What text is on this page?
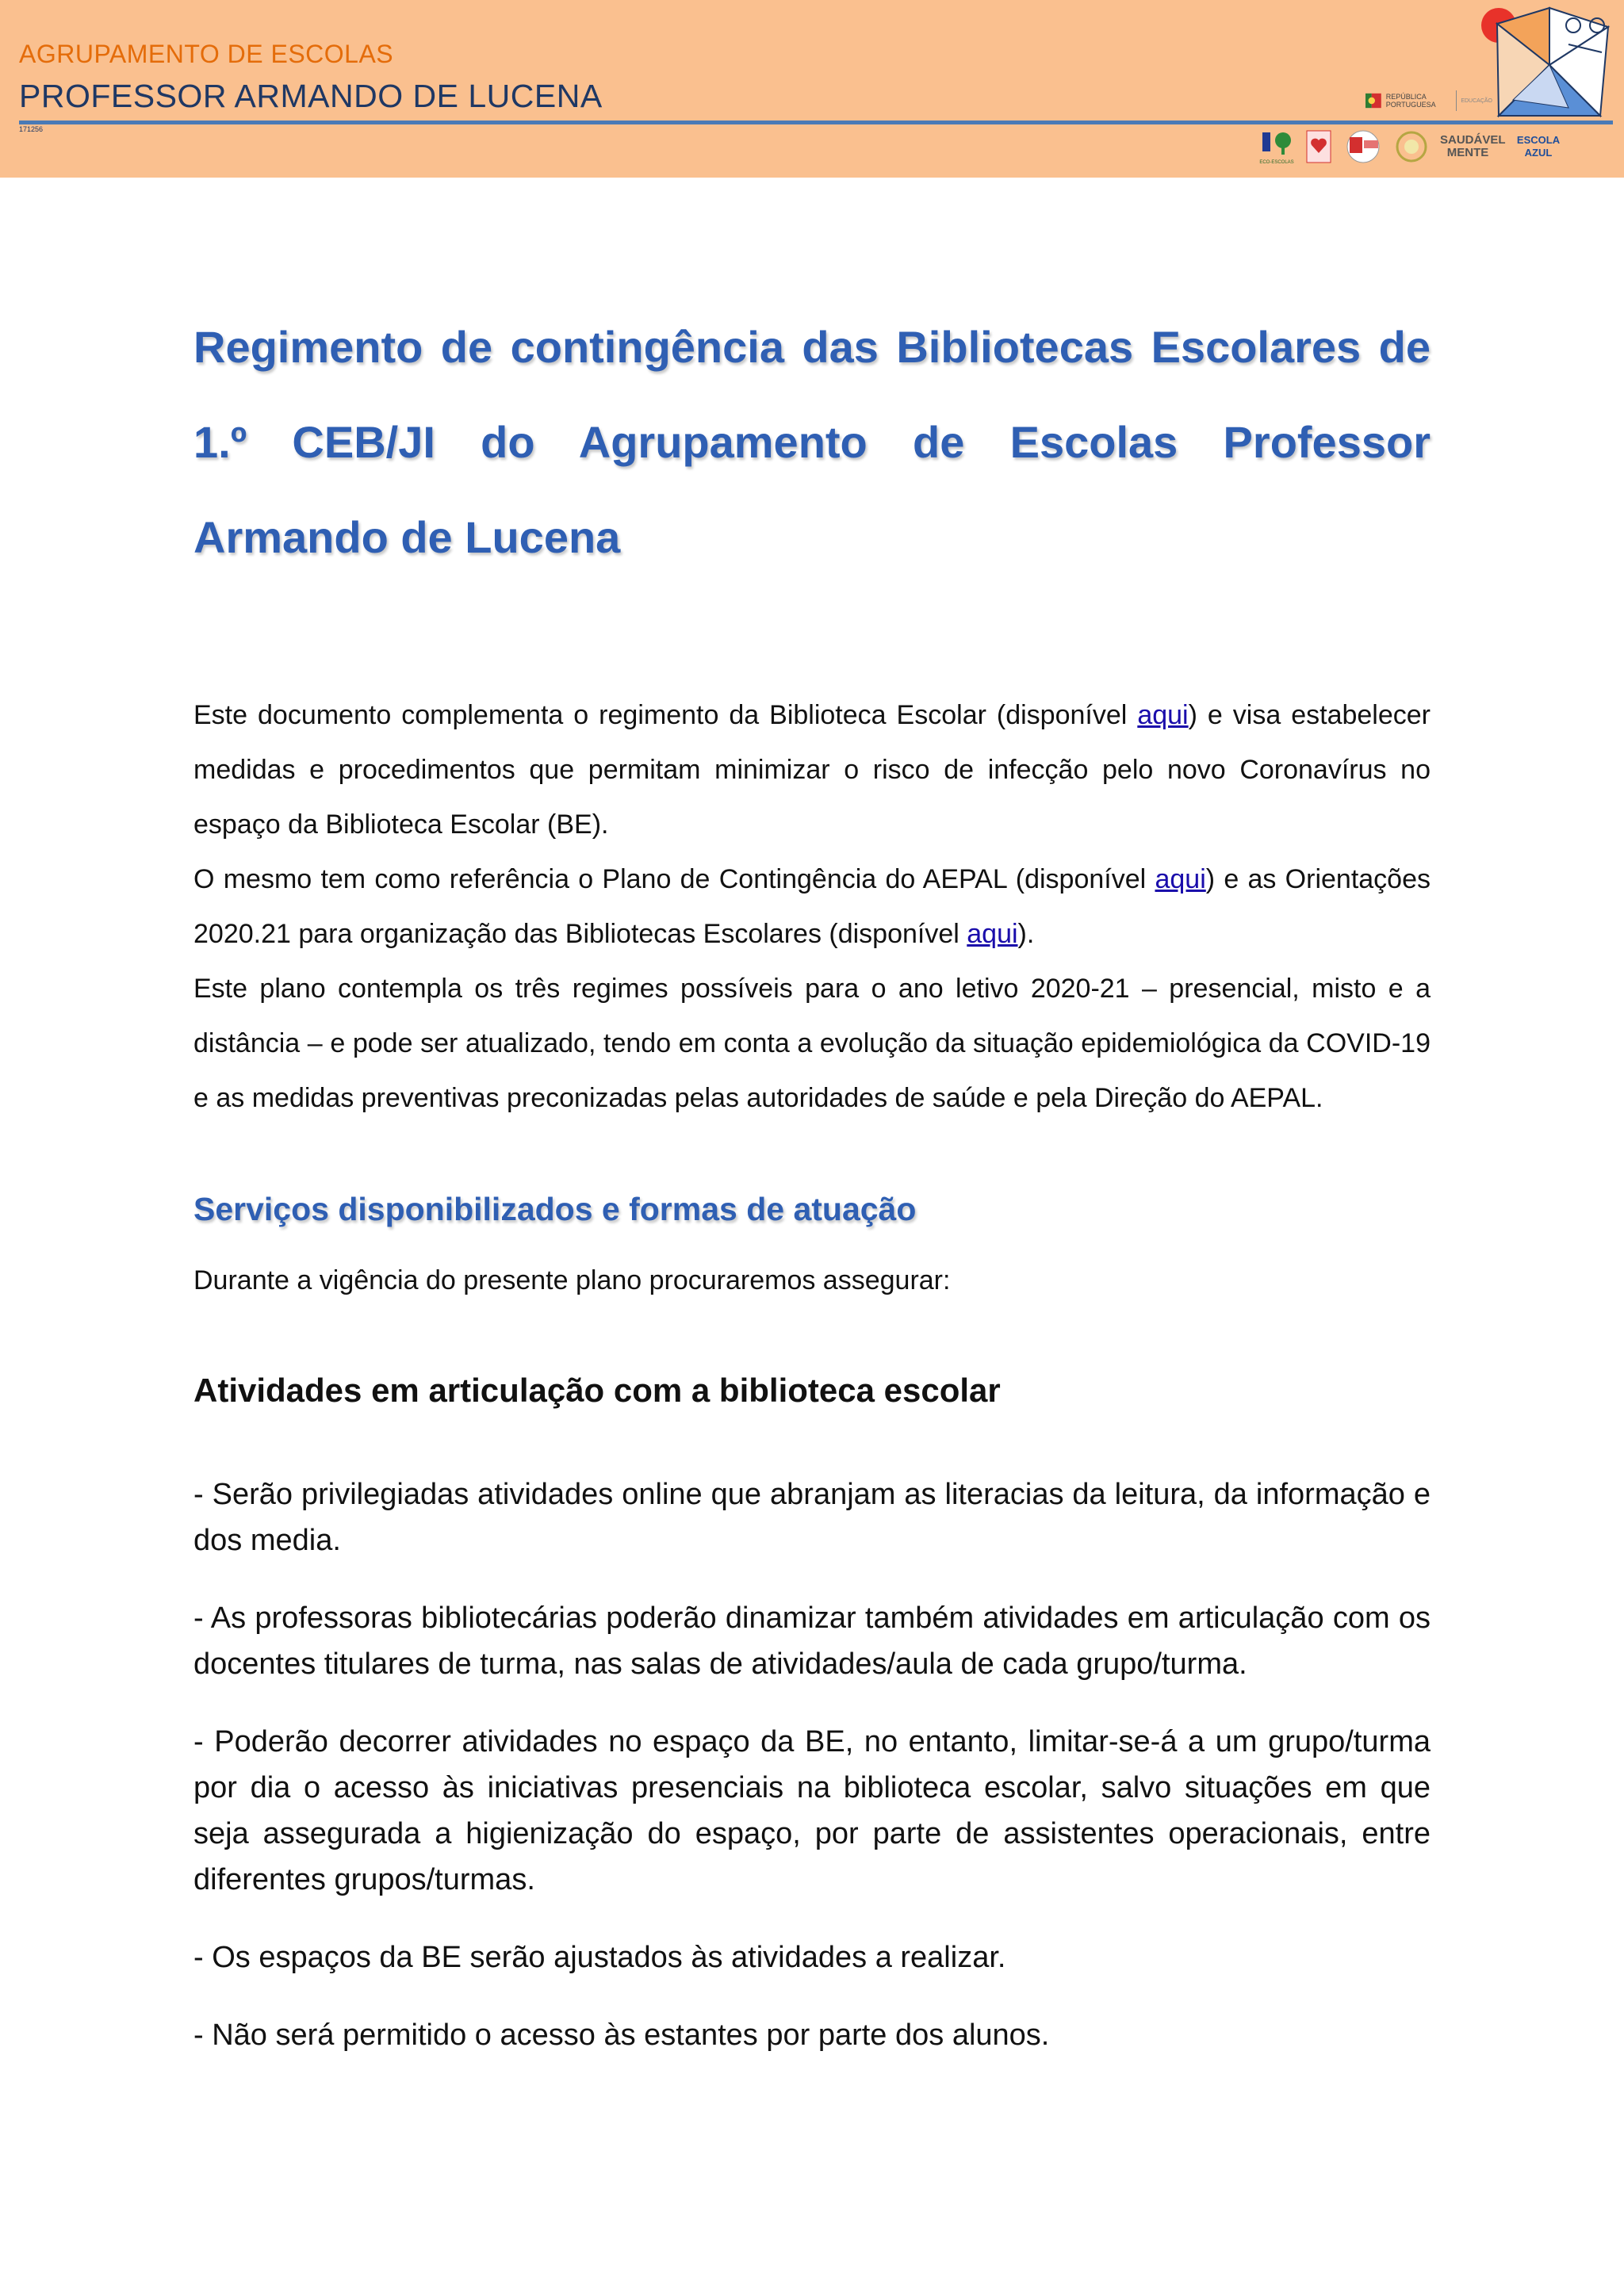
AGRUPAMENTO DE ESCOLAS
PROFESSOR ARMANDO DE LUCENA
171256
REPÚBLICA PORTUGUESA	EDUCAÇÃO
ECO-ESCOLAS
SAUDÁVEL MENTE
ESCOLA AZUL
Regimento de contingência das Bibliotecas Escolares de 1.º CEB/JI do Agrupamento de Escolas Professor Armando de Lucena

Este documento complementa o regimento da Biblioteca Escolar (disponível aqui) e visa estabelecer medidas e procedimentos que permitam minimizar o risco de infecção pelo novo Coronavírus no espaço da Biblioteca Escolar (BE).

O mesmo tem como referência o Plano de Contingência do AEPAL (disponível aqui) e as Orientações 2020.21 para organização das Bibliotecas Escolares (disponível aqui).

Este plano contempla os três regimes possíveis para o ano letivo 2020-21 – presencial, misto e a distância – e pode ser atualizado, tendo em conta a evolução da situação epidemiológica da COVID-19 e as medidas preventivas preconizadas pelas autoridades de saúde e pela Direção do AEPAL.

Serviços disponibilizados e formas de atuação
Durante a vigência do presente plano procuraremos assegurar:
Atividades em articulação com a biblioteca escolar

- Serão privilegiadas atividades online que abranjam as literacias da leitura, da informação e dos media.

- As professoras bibliotecárias poderão dinamizar também atividades em articulação com os docentes titulares de turma, nas salas de atividades/aula de cada grupo/turma.

- Poderão decorrer atividades no espaço da BE, no entanto, limitar-se-á a um grupo/turma por dia o acesso às iniciativas presenciais na biblioteca escolar, salvo situações em que seja assegurada a higienização do espaço, por parte de assistentes operacionais, entre diferentes grupos/turmas.

- Os espaços da BE serão ajustados às atividades a realizar.

- Não será permitido o acesso às estantes por parte dos alunos.
